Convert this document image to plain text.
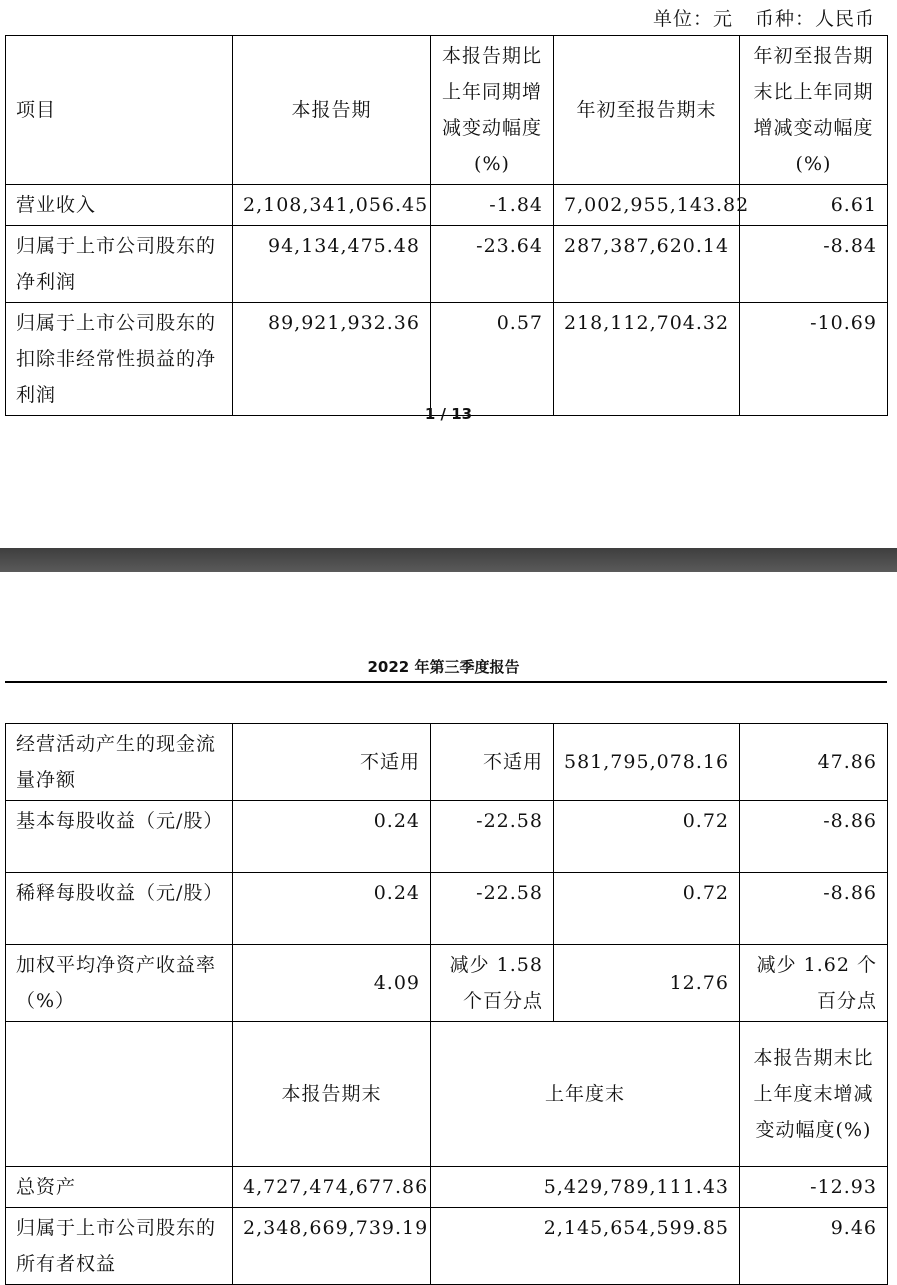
单位：元 币种：人民币
项目	本报告期	本报告期比上年同期增减变动幅度(%)	年初至报告期末	年初至报告期末比上年同期增减变动幅度(%)
营业收入	2,108,341,056.45	-1.84	7,002,955,143.82	6.61
归属于上市公司股东的净利润	94,134,475.48	-23.64	287,387,620.14	-8.84
归属于上市公司股东的扣除非经常性损益的净利润	89,921,932.36	0.57	218,112,704.32	-10.69
1 / 13
2022 年第三季度报告
经营活动产生的现金流量净额	不适用	不适用	581,795,078.16	47.86
基本每股收益（元/股）	0.24	-22.58	0.72	-8.86
稀释每股收益（元/股）	0.24	-22.58	0.72	-8.86
加权平均净资产收益率（%）	4.09	减少 1.58 个百分点	12.76	减少 1.62 个百分点
	本报告期末	上年度末		本报告期末比上年度末增减变动幅度(%)
总资产	4,727,474,677.86	5,429,789,111.43		-12.93
归属于上市公司股东的所有者权益	2,348,669,739.19	2,145,654,599.85		9.46
